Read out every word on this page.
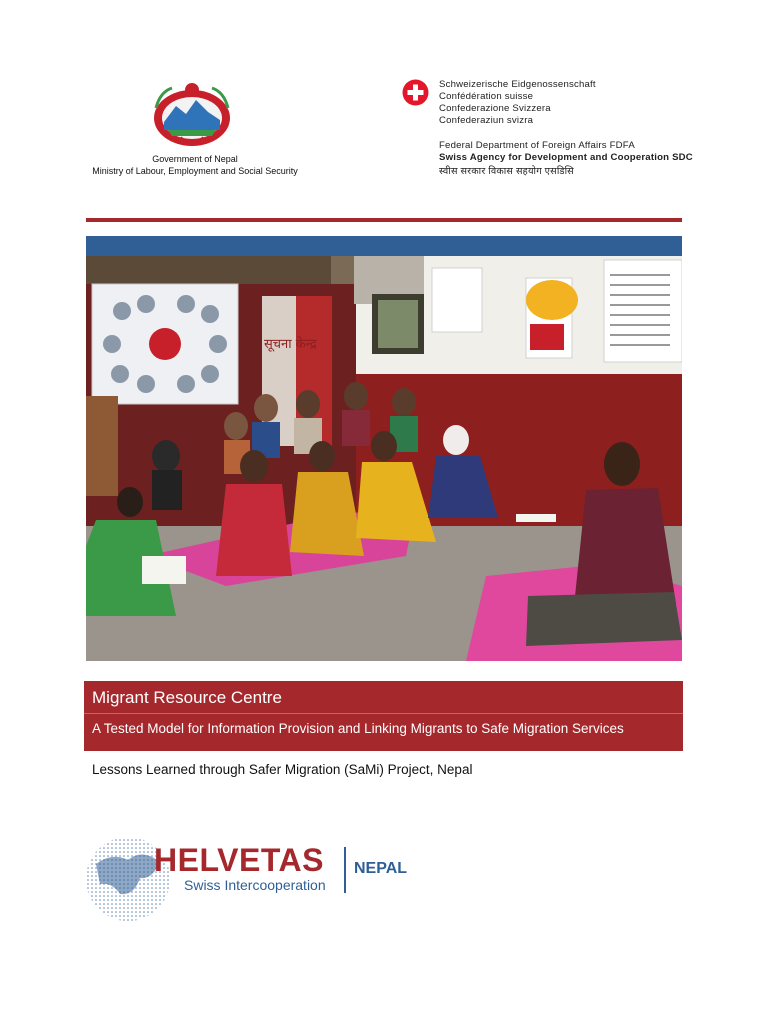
Government of Nepal
Ministry of Labour, Employment and Social Security
Schweizerische Eidgenossenschaft
Confédération suisse
Confederazione Svizzera
Confederaziun svizra
Federal Department of Foreign Affairs FDFA
Swiss Agency for Development and Cooperation SDC
स्वीस सरकार विकास सहयोग एसडिसि
सूचना केन्द्र
Migrant Resource Centre
A Tested Model for Information Provision and Linking Migrants to Safe Migration Services
Lessons Learned through Safer Migration (SaMi) Project, Nepal
HELVETAS
Swiss Intercooperation
NEPAL
